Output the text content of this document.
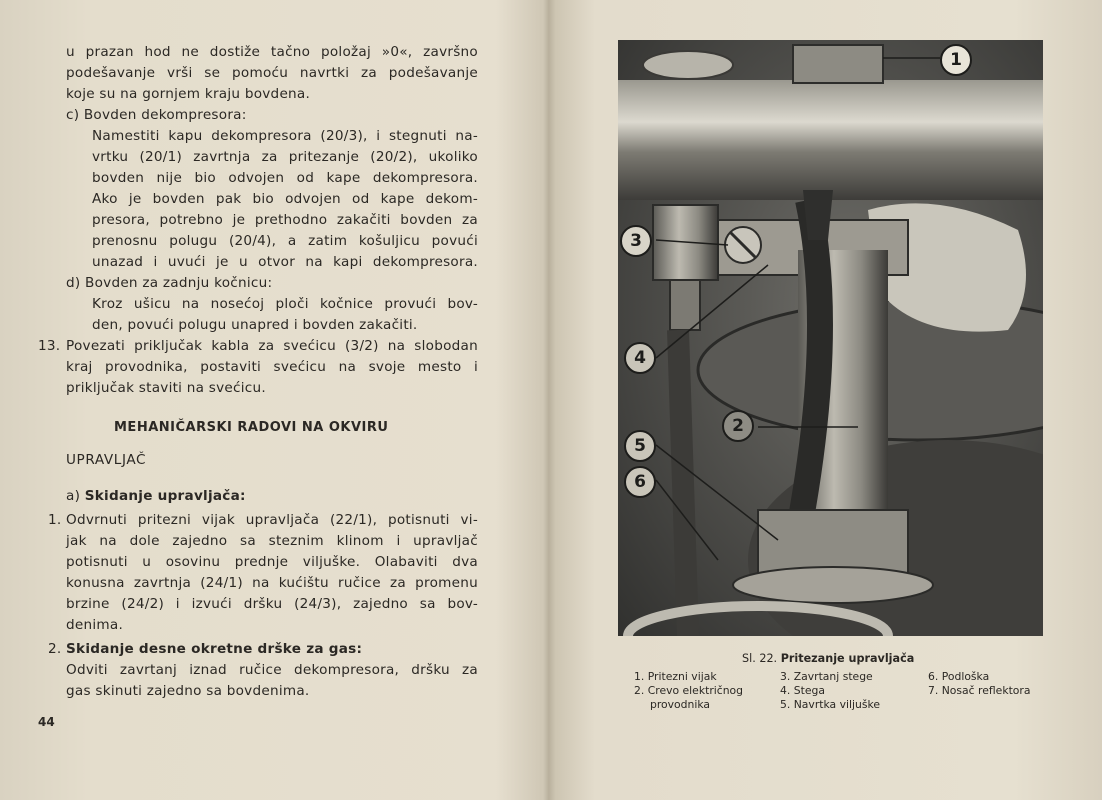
u prazan hod ne dostiže tačno položaj »0«, završno
podešavanje vrši se pomoću navrtki za podešavanje
koje su na gornjem kraju bovdena.
c) Bovden dekompresora:
Namestiti kapu dekompresora (20/3), i stegnuti na-
vrtku (20/1) zavrtnja za pritezanje (20/2), ukoliko
bovden nije bio odvojen od kape dekompresora.
Ako je bovden pak bio odvojen od kape dekom-
presora, potrebno je prethodno zakačiti bovden za
prenosnu polugu (20/4), a zatim košuljicu povući
unazad i uvući je u otvor na kapi dekompresora.
d) Bovden za zadnju kočnicu:
Kroz ušicu na nosećoj ploči kočnice provući bov-
den, povući polugu unapred i bovden zakačiti.
13. Povezati priključak kabla za svećicu (3/2) na slobodan
kraj provodnika, postaviti svećicu na svoje mesto i
priključak staviti na svećicu.
MEHANIČARSKI RADOVI NA OKVIRU
UPRAVLJAČ
a) Skidanje upravljača:
1. Odvrnuti pritezni vijak upravljača (22/1), potisnuti vi-
jak na dole zajedno sa steznim klinom i upravljač
potisnuti u osovinu prednje viljuške. Olabaviti dva
konusna zavrtnja (24/1) na kućištu ručice za promenu
brzine (24/2) i izvući dršku (24/3), zajedno sa bov-
denima.
2. Skidanje desne okretne drške za gas:
Odviti zavrtanj iznad ručice dekompresora, dršku za
gas skinuti zajedno sa bovdenima.
44
1
2
3
4
5
6
Sl. 22. Pritezanje upravljača
1. Pritezni vijak
2. Crevo električnog
provodnika
3. Zavrtanj stege
4. Stega
5. Navrtka viljuške
6. Podloška
7. Nosač reflektora
